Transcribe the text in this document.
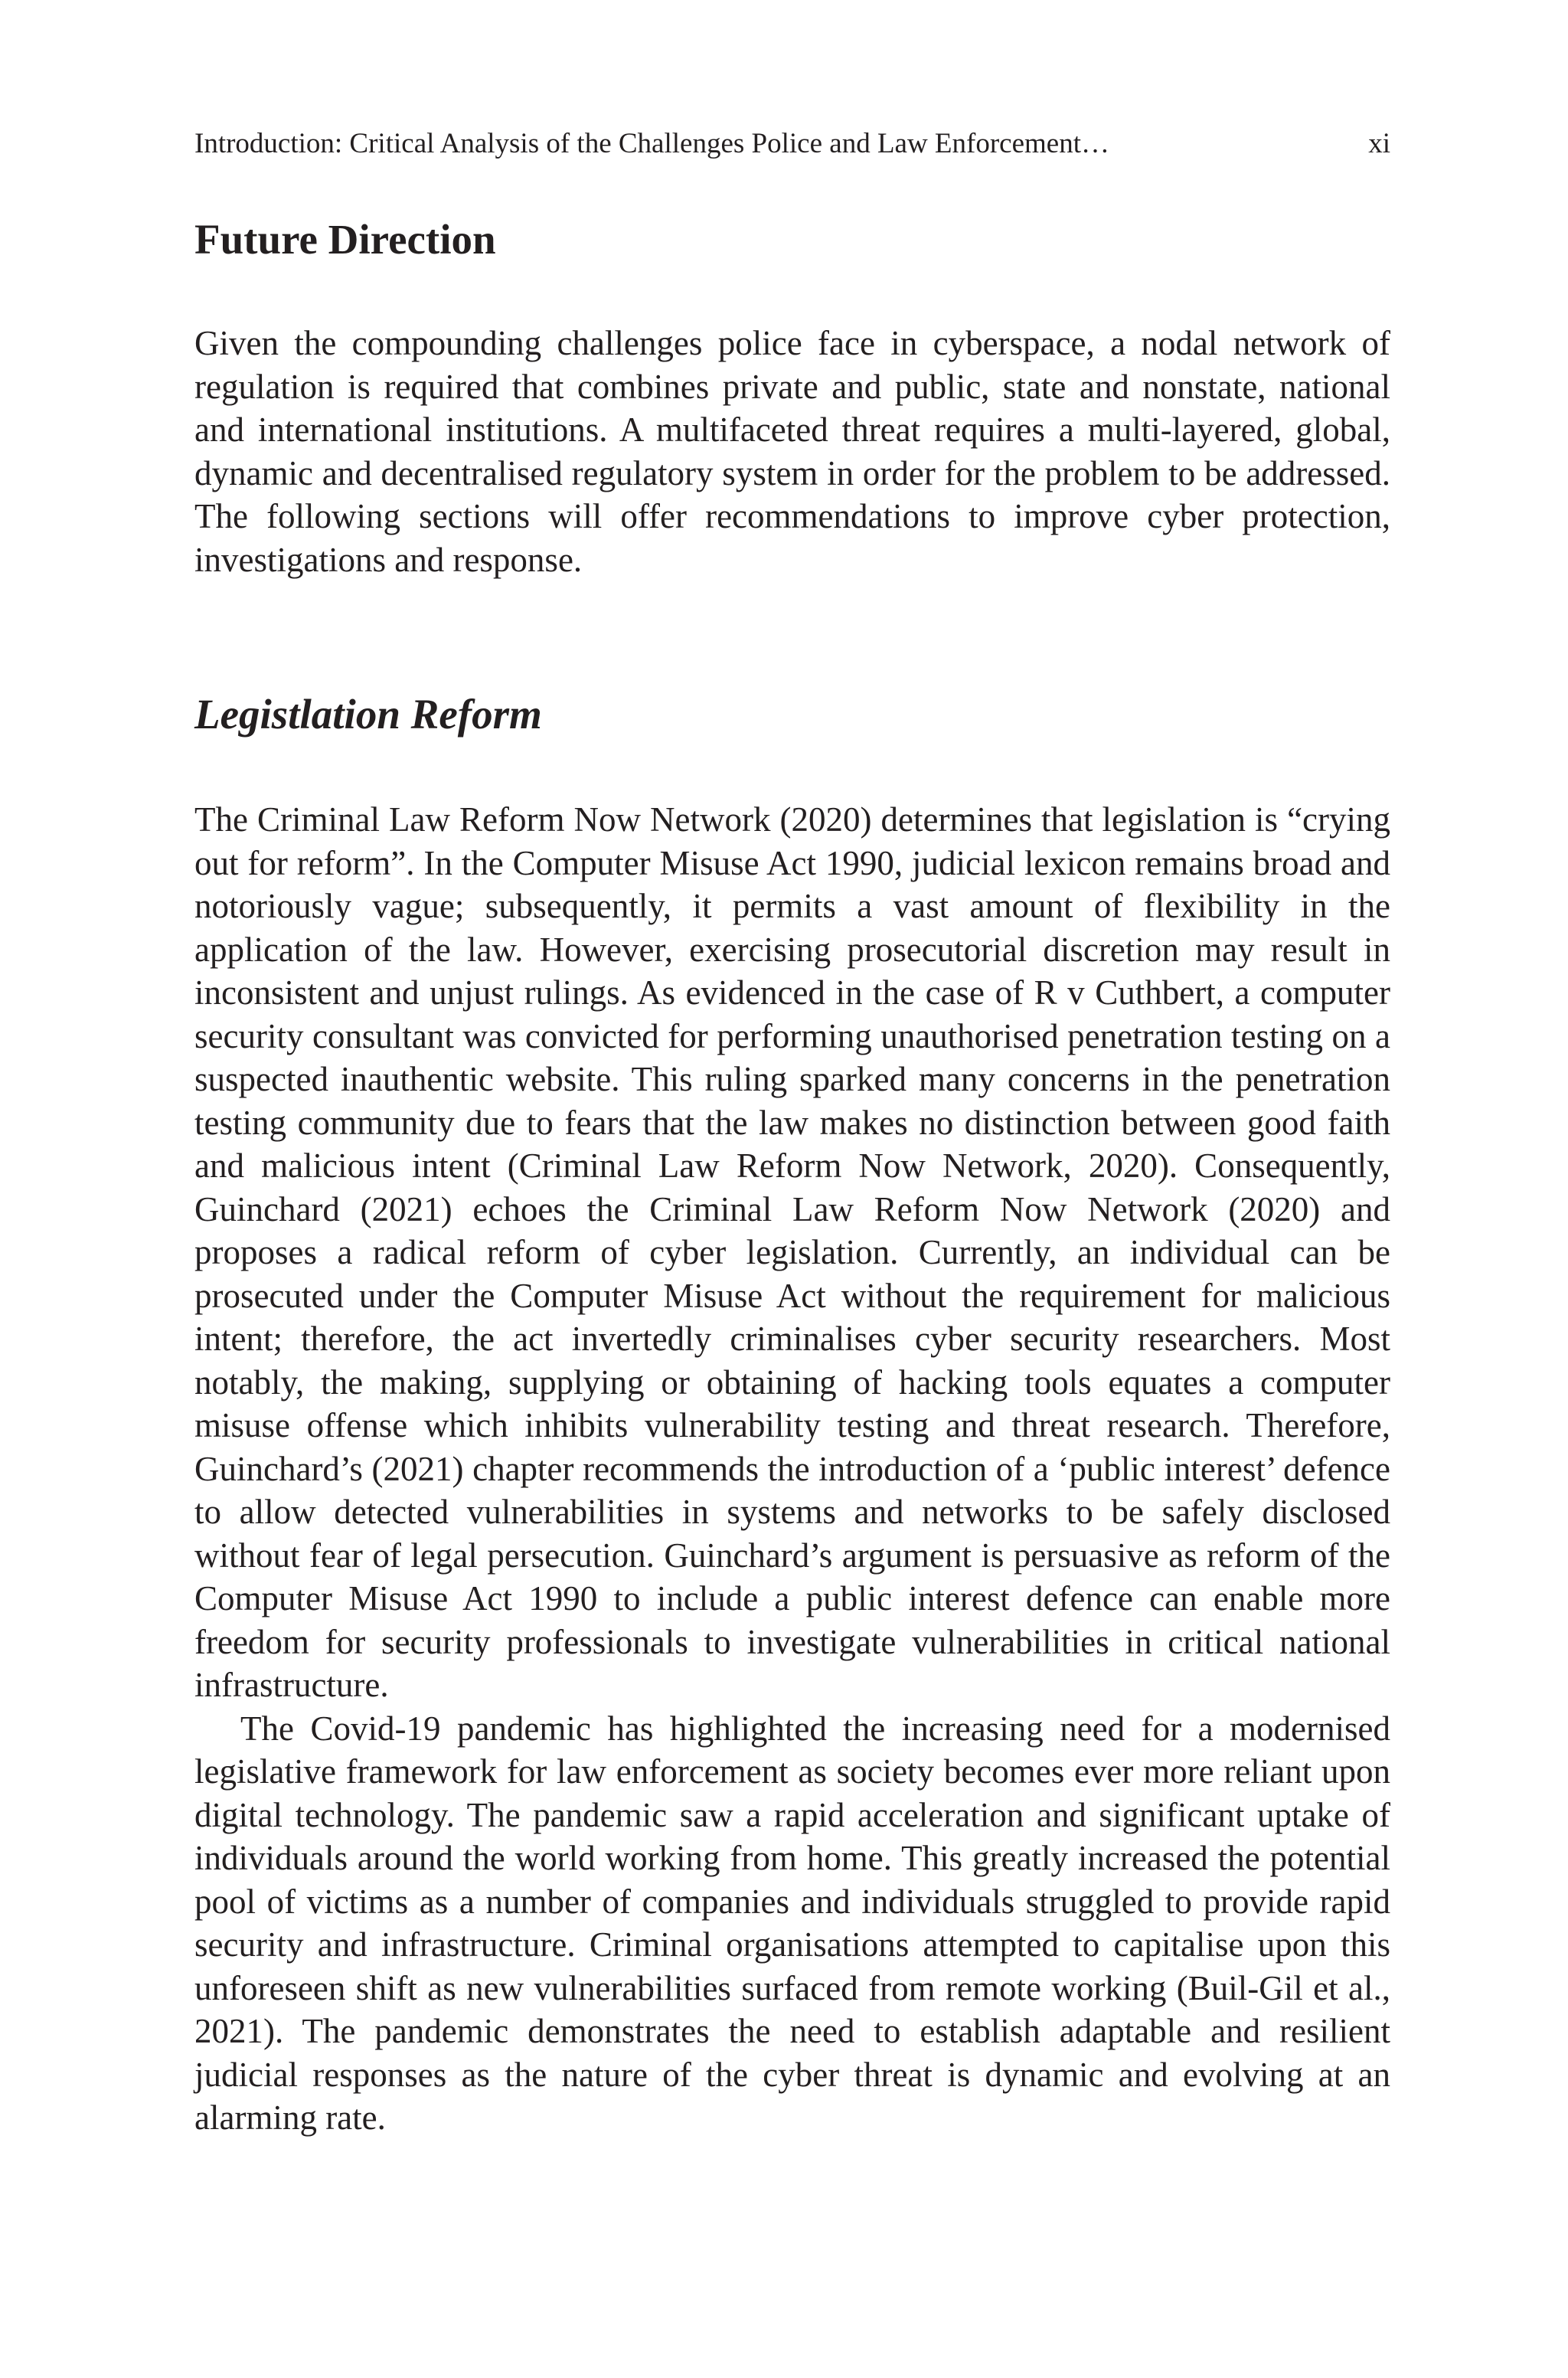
Introduction: Critical Analysis of the Challenges Police and Law Enforcement…	xi
Future Direction

Given the compounding challenges police face in cyberspace, a nodal network of regulation is required that combines private and public, state and nonstate, national and international institutions. A multifaceted threat requires a multi-layered, global, dynamic and decentralised regulatory system in order for the problem to be addressed. The following sections will offer recommendations to improve cyber protection, investigations and response.

Legistlation Reform

The Criminal Law Reform Now Network (2020) determines that legislation is “crying out for reform”. In the Computer Misuse Act 1990, judicial lexicon remains broad and notoriously vague; subsequently, it permits a vast amount of flexibility in the application of the law. However, exercising prosecutorial discretion may result in inconsistent and unjust rulings. As evidenced in the case of R v Cuthbert, a computer security consultant was convicted for performing unauthorised penetration testing on a suspected inauthentic website. This ruling sparked many concerns in the penetration testing community due to fears that the law makes no distinction between good faith and malicious intent (Criminal Law Reform Now Network, 2020). Consequently, Guinchard (2021) echoes the Criminal Law Reform Now Network (2020) and proposes a radical reform of cyber legislation. Currently, an individual can be prosecuted under the Computer Misuse Act without the requirement for malicious intent; therefore, the act invertedly criminalises cyber security researchers. Most notably, the making, supplying or obtaining of hacking tools equates a computer misuse offense which inhibits vulnerability testing and threat research. Therefore, Guinchard’s (2021) chapter recommends the introduction of a ‘public interest’ defence to allow detected vulnerabilities in systems and networks to be safely disclosed without fear of legal persecution. Guinchard’s argument is persuasive as reform of the Computer Misuse Act 1990 to include a public interest defence can enable more freedom for security professionals to investigate vulnerabilities in critical national infrastructure.

The Covid-19 pandemic has highlighted the increasing need for a modernised legislative framework for law enforcement as society becomes ever more reliant upon digital technology. The pandemic saw a rapid acceleration and significant uptake of individuals around the world working from home. This greatly increased the potential pool of victims as a number of companies and individuals struggled to provide rapid security and infrastructure. Criminal organisations attempted to capitalise upon this unforeseen shift as new vulnerabilities surfaced from remote working (Buil-Gil et al., 2021). The pandemic demonstrates the need to establish adaptable and resilient judicial responses as the nature of the cyber threat is dynamic and evolving at an alarming rate.
